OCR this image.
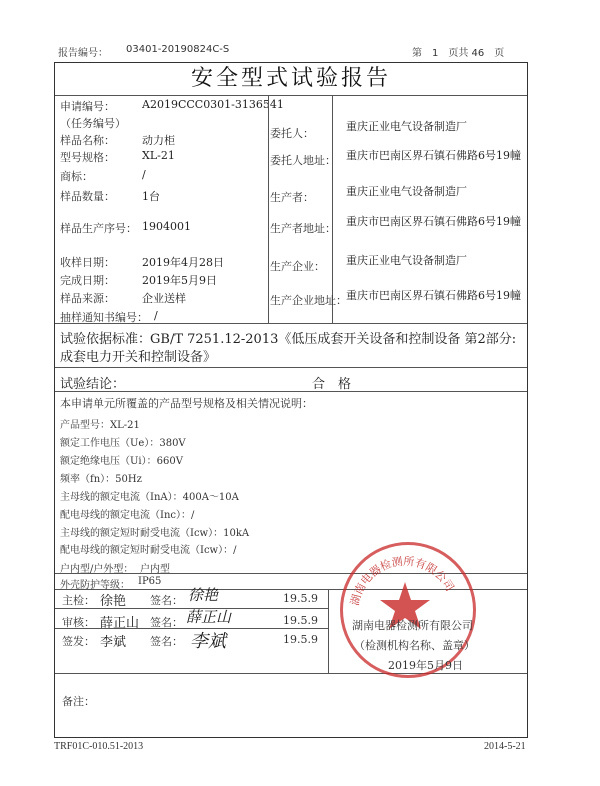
报告编号： 03401-20190824C-S	第　1　页共 46　页
安全型式试验报告
申请编号： A2019CCC0301-3136541
（任务编号）
样品名称： 动力柜
型号规格： XL-21
商标：	/
样品数量： 1台
样品生产序号： 1904001
收样日期： 2019年4月28日
完成日期： 2019年5月9日
样品来源： 企业送样
抽样通知书编号： /
委托人：
重庆正业电气设备制造厂
委托人地址： 重庆市巴南区界石镇石佛路6号19幢
生产者：	重庆正业电气设备制造厂
生产者地址：
重庆市巴南区界石镇石佛路6号19幢
生产企业： 重庆正业电气设备制造厂
生产企业地址： 重庆市巴南区界石镇石佛路6号19幢
试验依据标准：
GB/T 7251.12-2013《低压成套开关设备和控制设备 第2部分:
成套电力开关和控制设备》
试验结论：	合　格
本申请单元所覆盖的产品型号规格及相关情况说明：
产品型号：XL-21
额定工作电压（Ue）：380V
额定绝缘电压（Ui）：660V
频率（fn）：50Hz
主母线的额定电流（InA）：400A～10A
配电母线的额定电流（Inc）：/
主母线的额定短时耐受电流（Icw）：10kA
配电母线的额定短时耐受电流（Icw）：/
户内型/户外型： 户内型
外壳防护等级： IP65
主检： 徐艳 签名： 徐艳	19.5.9
审核： 薛正山 签名： 薛正山	19.5.9
签发： 李斌 签名： 李斌	19.5.9
湖南电器检测所有限公司
湖南电器检测所有限公司
（检测机构名称、盖章）
2019年5月9日
备注：
TRF01C-010.51-2013	2014-5-21
